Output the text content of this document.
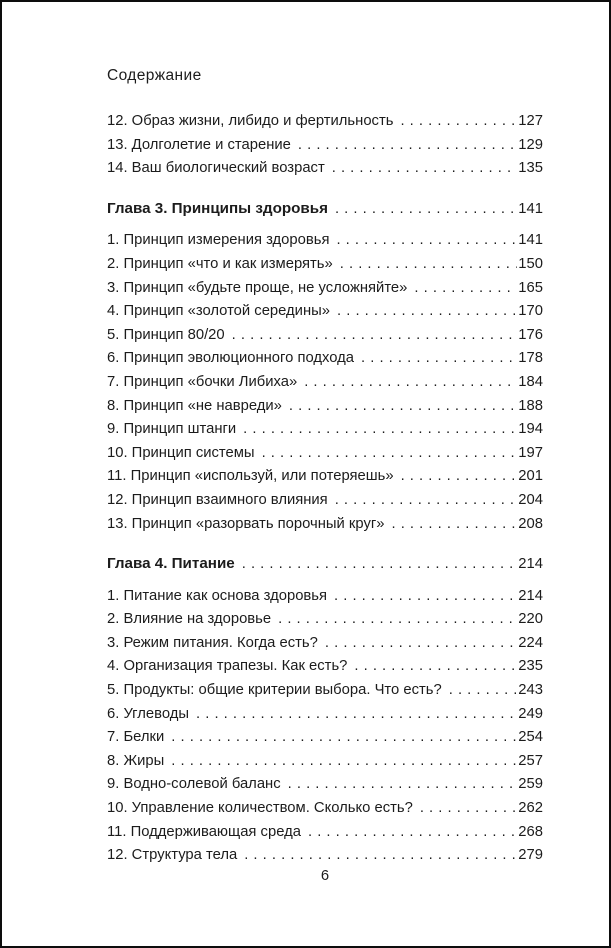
Содержание
12. Образ жизни, либидо и фертильность . . .	127
13. Долголетие и старение . . .	129
14. Ваш биологический возраст . . .	135
Глава 3. Принципы здоровья . . .	141
1. Принцип измерения здоровья . . .	141
2. Принцип «что и как измерять» . . .	150
3. Принцип «будьте проще, не усложняйте» . . .	165
4. Принцип «золотой середины» . . .	170
5. Принцип 80/20 . . .	176
6. Принцип эволюционного подхода . . .	178
7. Принцип «бочки Либиха» . . .	184
8. Принцип «не навреди» . . .	188
9. Принцип штанги . . .	194
10. Принцип системы . . .	197
11. Принцип «используй, или потеряешь» . . .	201
12. Принцип взаимного влияния . . .	204
13. Принцип «разорвать порочный круг» . . .	208
Глава 4. Питание . . .	214
1. Питание как основа здоровья . . .	214
2. Влияние на здоровье . . .	220
3. Режим питания. Когда есть? . . .	224
4. Организация трапезы. Как есть? . . .	235
5. Продукты: общие критерии выбора. Что есть? . . .	243
6. Углеводы . . .	249
7. Белки . . .	254
8. Жиры . . .	257
9. Водно-солевой баланс . . .	259
10. Управление количеством. Сколько есть? . . .	262
11. Поддерживающая среда . . .	268
12. Структура тела . . .	279
6
